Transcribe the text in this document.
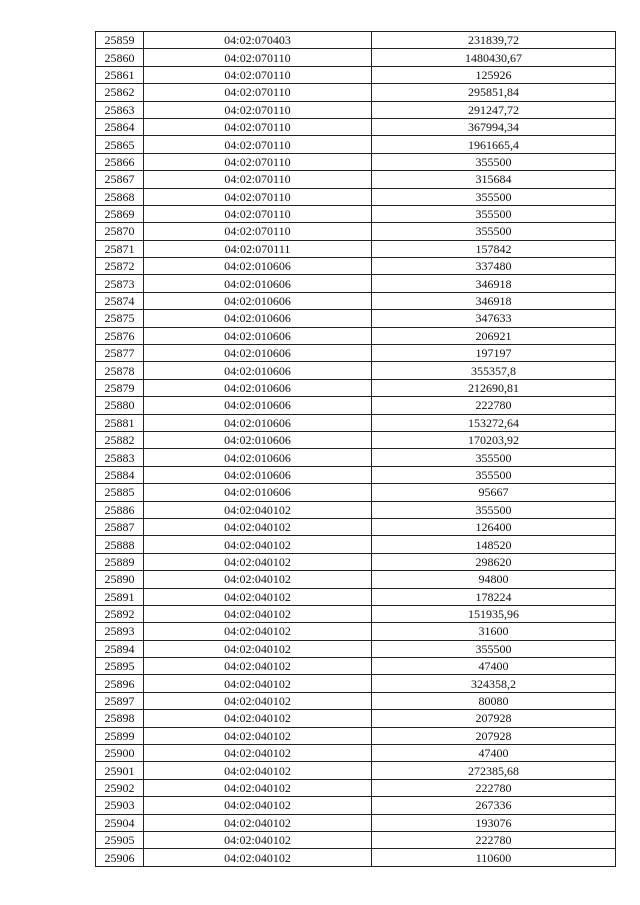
25859	04:02:070403	231839,72
25860	04:02:070110	1480430,67
25861	04:02:070110	125926
25862	04:02:070110	295851,84
25863	04:02:070110	291247,72
25864	04:02:070110	367994,34
25865	04:02:070110	1961665,4
25866	04:02:070110	355500
25867	04:02:070110	315684
25868	04:02:070110	355500
25869	04:02:070110	355500
25870	04:02:070110	355500
25871	04:02:070111	157842
25872	04:02:010606	337480
25873	04:02:010606	346918
25874	04:02:010606	346918
25875	04:02:010606	347633
25876	04:02:010606	206921
25877	04:02:010606	197197
25878	04:02:010606	355357,8
25879	04:02:010606	212690,81
25880	04:02:010606	222780
25881	04:02:010606	153272,64
25882	04:02:010606	170203,92
25883	04:02:010606	355500
25884	04:02:010606	355500
25885	04:02:010606	95667
25886	04:02:040102	355500
25887	04:02:040102	126400
25888	04:02:040102	148520
25889	04:02:040102	298620
25890	04:02:040102	94800
25891	04:02:040102	178224
25892	04:02:040102	151935,96
25893	04:02:040102	31600
25894	04:02:040102	355500
25895	04:02:040102	47400
25896	04:02:040102	324358,2
25897	04:02:040102	80080
25898	04:02:040102	207928
25899	04:02:040102	207928
25900	04:02:040102	47400
25901	04:02:040102	272385,68
25902	04:02:040102	222780
25903	04:02:040102	267336
25904	04:02:040102	193076
25905	04:02:040102	222780
25906	04:02:040102	110600
